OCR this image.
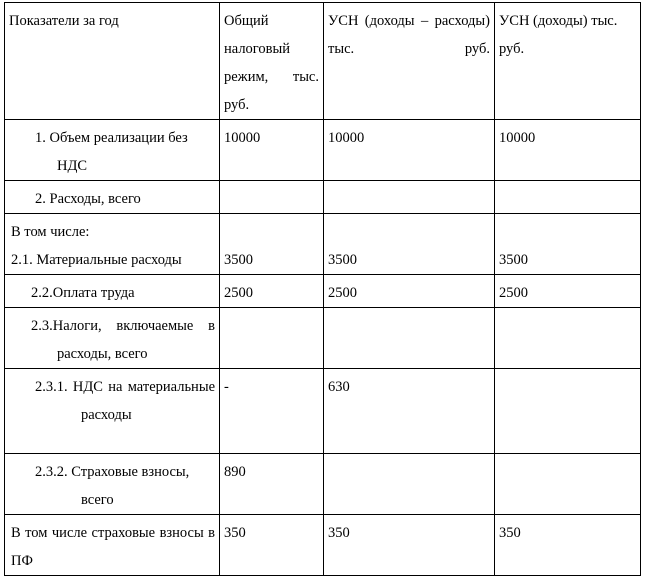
Показатели за год	Общий налоговый режим, тыс. руб.	УСН (доходы – расходы) тыс. руб.	УСН (доходы) тыс. руб.

1. Объем реализации без НДС	10000	10000	10000

2. Расходы, всего			

В том числе:
2.1. Материальные расходы	3500	3500	3500

2.2.Оплата труда	2500	2500	2500

2.3.Налоги, включаемые в расходы, всего			

2.3.1. НДС на материальные расходы	-	630	

2.3.2. Страховые взносы, всего	890		

В том числе страховые взносы в ПФ	350	350	350
